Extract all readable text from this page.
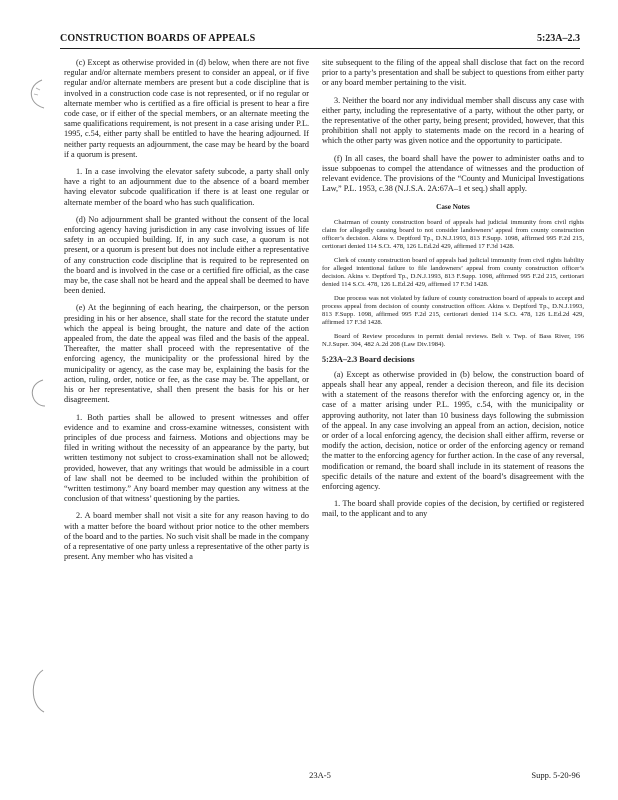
CONSTRUCTION BOARDS OF APPEALS	5:23A–2.3

(c) Except as otherwise provided in (d) below, when there are not five regular and/or alternate members present to consider an appeal, or if five regular and/or alternate members are present but a code discipline that is involved in a construction code case is not represented, or if no regular or alternate member who is certified as a fire official is present to hear a fire code case, or if either of the special members, or an alternate meeting the same qualifications requirement, is not present in a case arising under P.L. 1995, c.54, either party shall be entitled to have the hearing adjourned. If neither party requests an adjournment, the case may be heard by the board if a quorum is present.

1. In a case involving the elevator safety subcode, a party shall only have a right to an adjournment due to the absence of a board member having elevator subcode qualification if there is at least one regular or alternate member of the board who has such qualification.

(d) No adjournment shall be granted without the consent of the local enforcing agency having jurisdiction in any case involving issues of life safety in an occupied building. If, in any such case, a quorum is not present, or a quorum is present but does not include either a representative of any construction code discipline that is required to be represented on the board and is involved in the case or a certified fire official, as the case may be, the case shall not be heard and the appeal shall be deemed to have been denied.

(e) At the beginning of each hearing, the chairperson, or the person presiding in his or her absence, shall state for the record the statute under which the appeal is being brought, the nature and date of the action appealed from, the date the appeal was filed and the basis of the appeal. Thereafter, the matter shall proceed with the representative of the enforcing agency, the municipality or the professional hired by the municipality or agency, as the case may be, explaining the basis for the action, ruling, order, notice or fee, as the case may be. The appellant, or his or her representative, shall then present the basis for his or her disagreement.

1. Both parties shall be allowed to present witnesses and offer evidence and to examine and cross-examine witnesses, consistent with principles of due process and fairness. Motions and objections may be filed in writing without the necessity of an appearance by the party, but written testimony not subject to cross-examination shall not be allowed; provided, however, that any writings that would be admissible in a court of law shall not be deemed to be included within the prohibition of “written testimony.” Any board member may question any witness at the conclusion of that witness’ questioning by the parties.

2. A board member shall not visit a site for any reason having to do with a matter before the board without prior notice to the other members of the board and to the parties. No such visit shall be made in the company of a representative of one party unless a representative of the other party is present. Any member who has visited a

site subsequent to the filing of the appeal shall disclose that fact on the record prior to a party’s presentation and shall be subject to questions from either party or any board member pertaining to the visit.

3. Neither the board nor any individual member shall discuss any case with either party, including the representative of a party, without the other party, or the representative of the other party, being present; provided, however, that this prohibition shall not apply to statements made on the record in a hearing of which the other party was given notice and the opportunity to participate.

(f) In all cases, the board shall have the power to administer oaths and to issue subpoenas to compel the attendance of witnesses and the production of relevant evidence. The provisions of the “County and Municipal Investigations Law,” P.L. 1953, c.38 (N.J.S.A. 2A:67A–1 et seq.) shall apply.

Case Notes

Chairman of county construction board of appeals had judicial immunity from civil rights claim for allegedly causing board to not consider landowners’ appeal from county construction officer’s decision. Akins v. Deptford Tp., D.N.J.1993, 813 F.Supp. 1098, affirmed 995 F.2d 215, certiorari denied 114 S.Ct. 478, 126 L.Ed.2d 429, affirmed 17 F.3d 1428.

Clerk of county construction board of appeals had judicial immunity from civil rights liability for alleged intentional failure to file landowners’ appeal from county construction officer’s decision. Akins v. Deptford Tp., D.N.J.1993, 813 F.Supp. 1098, affirmed 995 F.2d 215, certiorari denied 114 S.Ct. 478, 126 L.Ed.2d 429, affirmed 17 F.3d 1428.

Due process was not violated by failure of county construction board of appeals to accept and process appeal from decision of county construction officer. Akins v. Deptford Tp., D.N.J.1993, 813 F.Supp. 1098, affirmed 995 F.2d 215, certiorari denied 114 S.Ct. 478, 126 L.Ed.2d 429, affirmed 17 F.3d 1428.

Board of Review procedures in permit denial reviews. Beli v. Twp. of Bass River, 196 N.J.Super. 304, 482 A.2d 208 (Law Div.1984).

5:23A–2.3 Board decisions

(a) Except as otherwise provided in (b) below, the construction board of appeals shall hear any appeal, render a decision thereon, and file its decision with a statement of the reasons therefor with the enforcing agency or, in the case of a matter arising under P.L. 1995, c.54, with the municipality or approving authority, not later than 10 business days following the submission of the appeal. In any case involving an appeal from an action, decision, notice or order of a local enforcing agency, the decision shall either affirm, reverse or modify the action, decision, notice or order of the enforcing agency or remand the matter to the enforcing agency for further action. In the case of any reversal, modification or remand, the board shall include in its statement of reasons the specific details of the nature and extent of the board’s disagreement with the enforcing agency.

1. The board shall provide copies of the decision, by certified or registered mail, to the applicant and to any

23A-5	Supp. 5-20-96
